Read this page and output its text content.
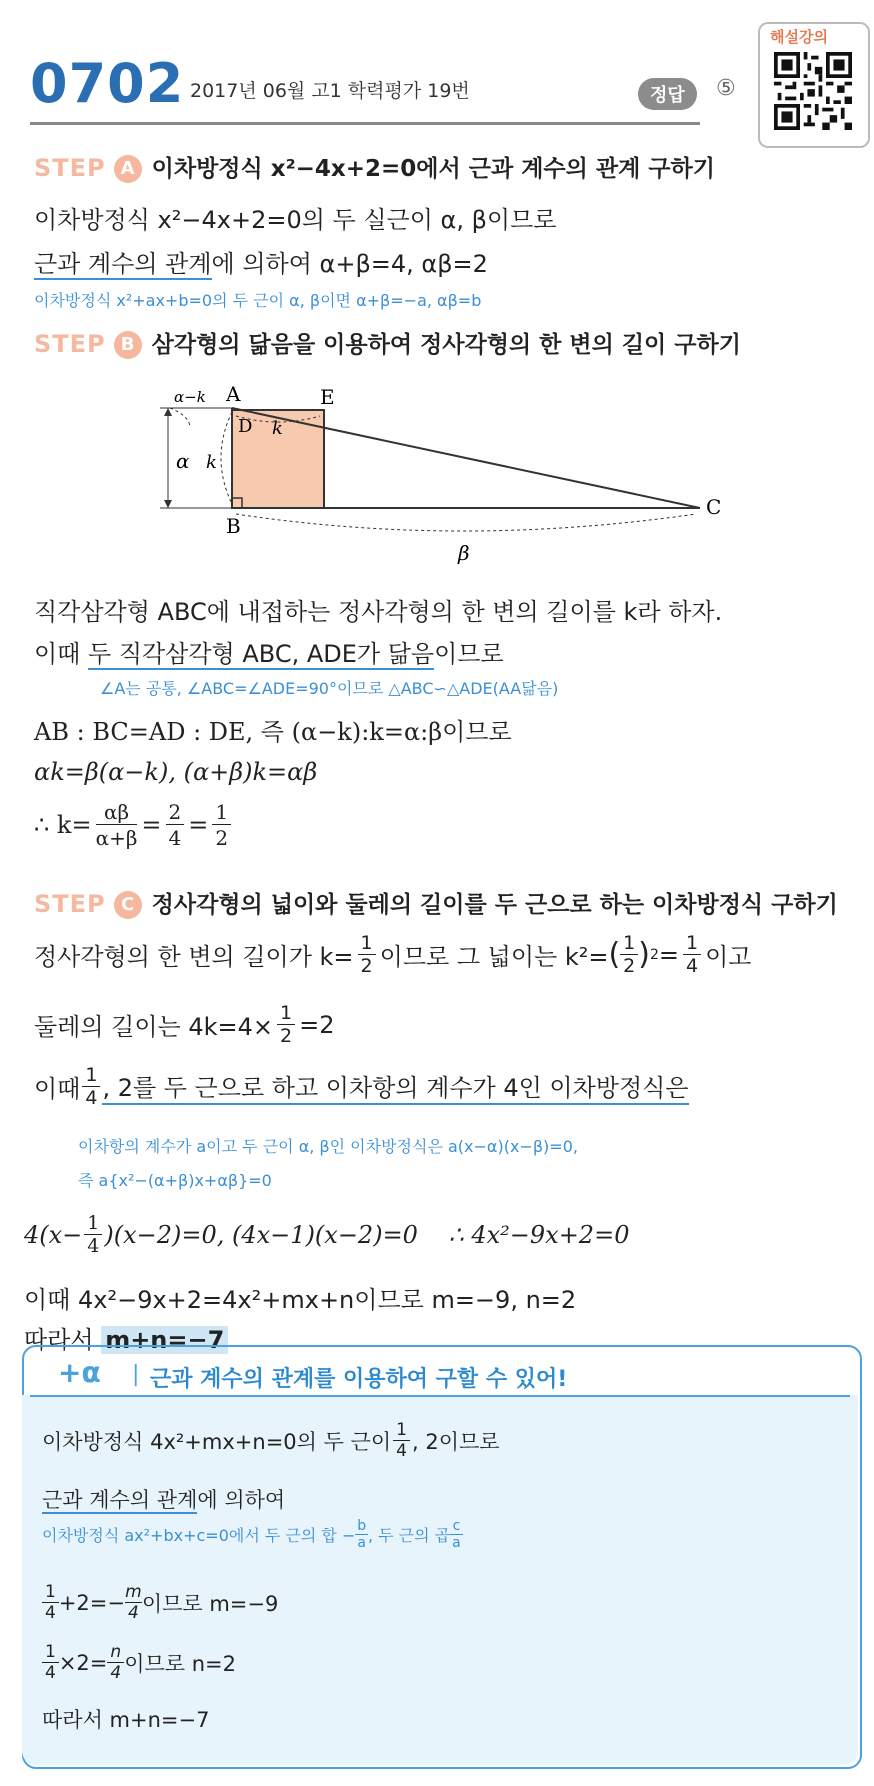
0702 2017년 06월 고1 학력평가 19번	정답	⑤
해설강의
STEP A 이차방정식 x²−4x+2=0에서 근과 계수의 관계 구하기
이차방정식 x²−4x+2=0의 두 실근이 α, β이므로
근과 계수의 관계에 의하여 α+β=4, αβ=2
이차방정식 x²+ax+b=0의 두 근이 α, β이면 α+β=−a, αβ=b
STEP B 삼각형의 닮음을 이용하여 정사각형의 한 변의 길이 구하기
A
B
C
D
E
α−k
k
k
α
β
직각삼각형 ABC에 내접하는 정사각형의 한 변의 길이를 k라 하자.
이때 두 직각삼각형 ABC, ADE가 닮음이므로
∠A는 공통, ∠ABC=∠ADE=90°이므로 △ABC∽△ADE(AA닮음)
AB : BC=AD : DE, 즉 (α−k):k=α:β이므로
αk=β(α−k), (α+β)k=αβ
∴ $k= \frac{\alpha\beta}{\alpha+\beta} = 2$
4 = 1
2
STEP C 정사각형의 넓이와 둘레의 길이를 두 근으로 하는 이차방정식 구하기
정사각형의 한 변의 길이가 $k= \frac{1}{2}$ 이므로 그 넓이는 k²= ( 1
2 ) 2 = 1
4 이고
둘레의 길이는 $4k=4\times \frac{1}{2} =2$
이때 1
4 , 2를 두 근으로 하고 이차항의 계수가 4인 이차방정식은
이차항의 계수가 a이고 두 근이 α, β인 이차방정식은 a(x−α)(x−β)=0,
즉 a{x²−(α+β)x+αβ}=0
$4(x- \frac{1}{4} )(x-2)=0$, (4x−1)(x−2)=0    ∴ 4x²−9x+2=0
이때 4x²−9x+2=4x²+mx+n이므로 m=−9, n=2
따라서 m+n=−7
+α | 근과 계수의 관계를 이용하여 구할 수 있어!
이차방정식 4x²+mx+n=0의 두 근이 1
4 , 2이므로
근과 계수의 관계에 의하여
이차방정식 ax²+bx+c=0에서 두 근의 합 − $\frac{b}{a}$ , 두 근의 곱 c
a
1
$4 +2=- \frac{m}{4}$ 이므로 m=−9
$\frac{1}{4} \times 2= \frac{n}{4}$ 이므로 n=2
따라서 m+n=−7
